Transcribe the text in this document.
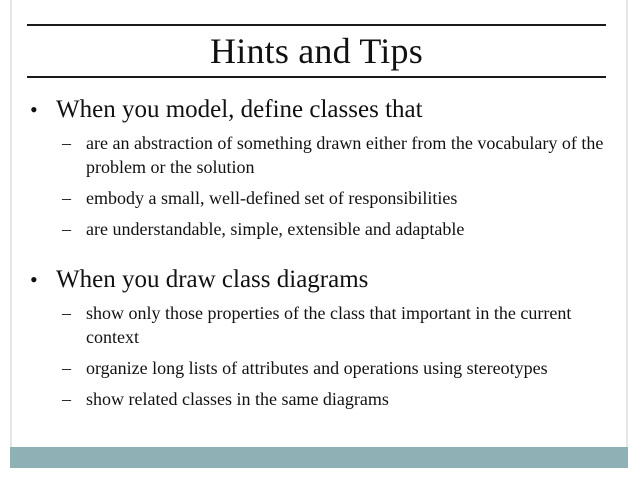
Hints and Tips
• When you model, define classes that
– are an abstraction of something drawn either from the vocabulary of the problem or the solution
– embody a small, well-defined set of responsibilities
– are understandable, simple, extensible and adaptable
• When you draw class diagrams
– show only those properties of the class that important in the current context
– organize long lists of attributes and operations using stereotypes
– show related classes in the same diagrams
